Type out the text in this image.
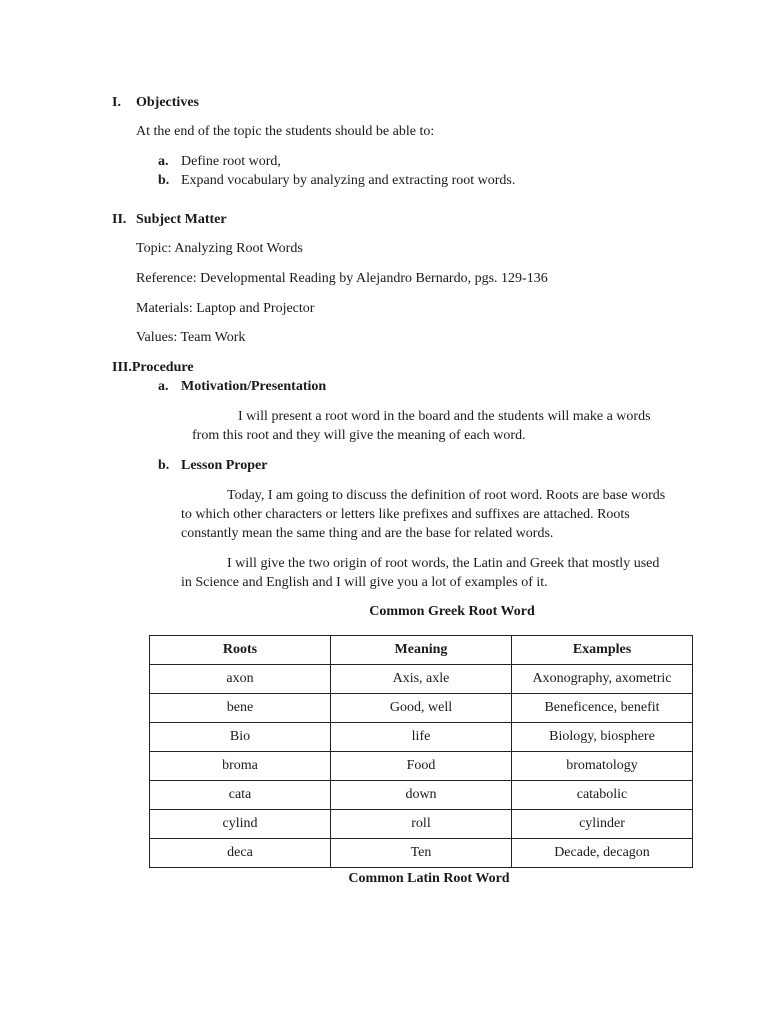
I. Objectives
At the end of the topic the students should be able to:
a. Define root word,
b. Expand vocabulary by analyzing and extracting root words.
II. Subject Matter
Topic: Analyzing Root Words
Reference: Developmental Reading by Alejandro Bernardo, pgs. 129-136
Materials: Laptop and Projector
Values: Team Work
III.Procedure
a. Motivation/Presentation
I will present a root word in the board and the students will make a words from this root and they will give the meaning of each word.
b. Lesson Proper
Today, I am going to discuss the definition of root word. Roots are base words to which other characters or letters like prefixes and suffixes are attached. Roots constantly mean the same thing and are the base for related words.
I will give the two origin of root words, the Latin and Greek that mostly used in Science and English and I will give you a lot of examples of it.
Common Greek Root Word
Roots	Meaning	Examples
axon	Axis, axle	Axonography, axometric
bene	Good, well	Beneficence, benefit
Bio	life	Biology, biosphere
broma	Food	bromatology
cata	down	catabolic
cylind	roll	cylinder
deca	Ten	Decade, decagon
Common Latin Root Word
